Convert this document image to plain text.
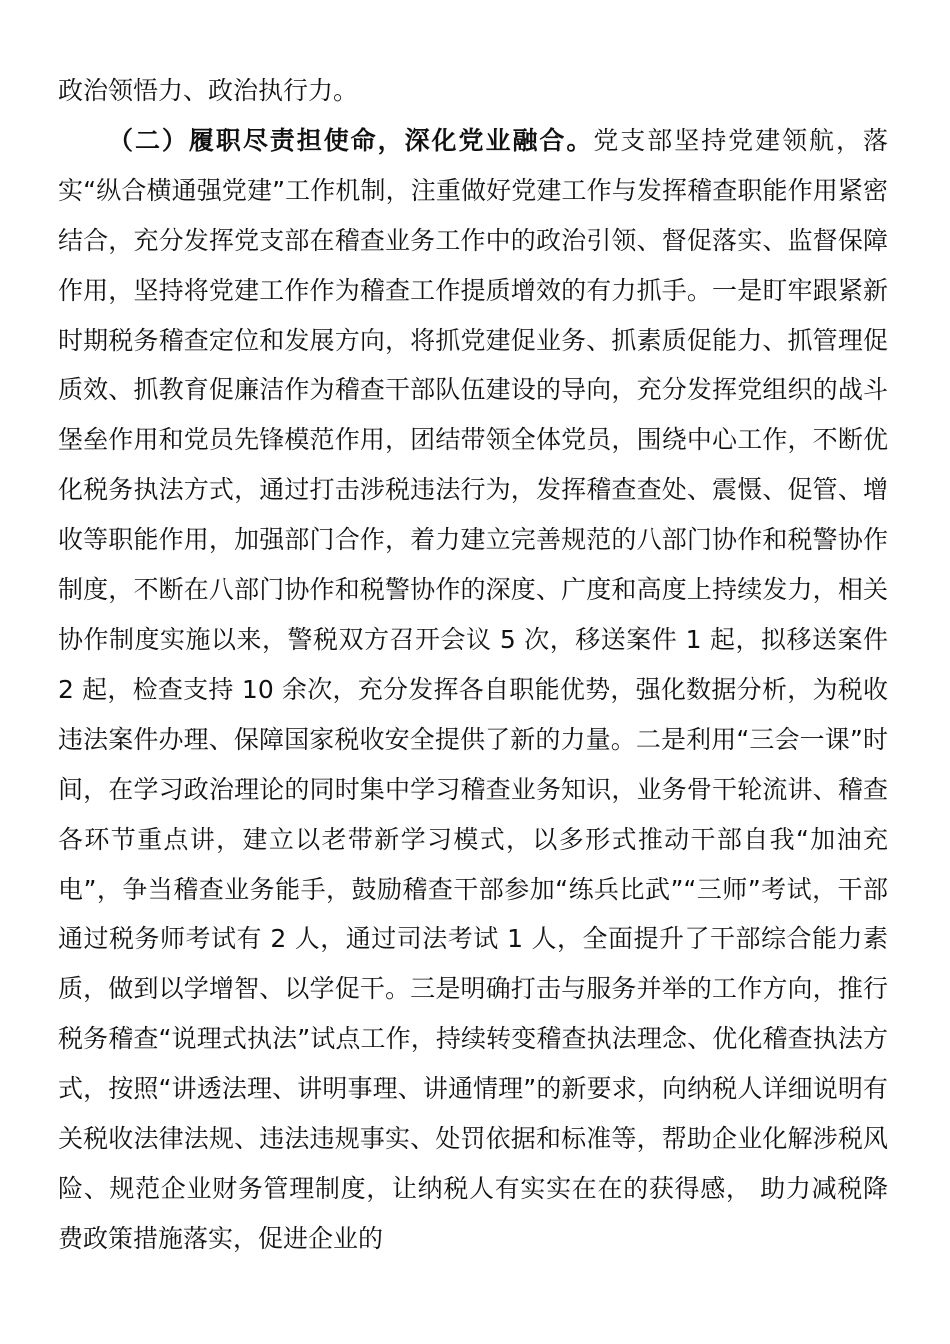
政治领悟力、政治执行力。

（二）履职尽责担使命，深化党业融合。党支部坚持党建领航，落实“纵合横通强党建”工作机制，注重做好党建工作与发挥稽查职能作用紧密结合，充分发挥党支部在稽查业务工作中的政治引领、督促落实、监督保障作用，坚持将党建工作作为稽查工作提质增效的有力抓手。一是盯牢跟紧新时期税务稽查定位和发展方向，将抓党建促业务、抓素质促能力、抓管理促质效、抓教育促廉洁作为稽查干部队伍建设的导向，充分发挥党组织的战斗堡垒作用和党员先锋模范作用，团结带领全体党员，围绕中心工作，不断优化税务执法方式，通过打击涉税违法行为，发挥稽查查处、震慑、促管、增收等职能作用，加强部门合作，着力建立完善规范的八部门协作和税警协作制度，不断在八部门协作和税警协作的深度、广度和高度上持续发力，相关协作制度实施以来，警税双方召开会议 5 次，移送案件 1 起，拟移送案件 2 起，检查支持 10 余次，充分发挥各自职能优势，强化数据分析，为税收违法案件办理、保障国家税收安全提供了新的力量。二是利用“三会一课”时间，在学习政治理论的同时集中学习稽查业务知识，业务骨干轮流讲、稽查各环节重点讲，建立以老带新学习模式，以多形式推动干部自我“加油充电”，争当稽查业务能手，鼓励稽查干部参加“练兵比武”“三师”考试，干部通过税务师考试有 2 人，通过司法考试 1 人，全面提升了干部综合能力素质，做到以学增智、以学促干。三是明确打击与服务并举的工作方向，推行税务稽查“说理式执法”试点工作，持续转变稽查执法理念、优化稽查执法方式，按照“讲透法理、讲明事理、讲通情理”的新要求，向纳税人详细说明有关税收法律法规、违法违规事实、处罚依据和标准等，帮助企业化解涉税风险、规范企业财务管理制度，让纳税人有实实在在的获得感， 助力减税降费政策措施落实，促进企业的
